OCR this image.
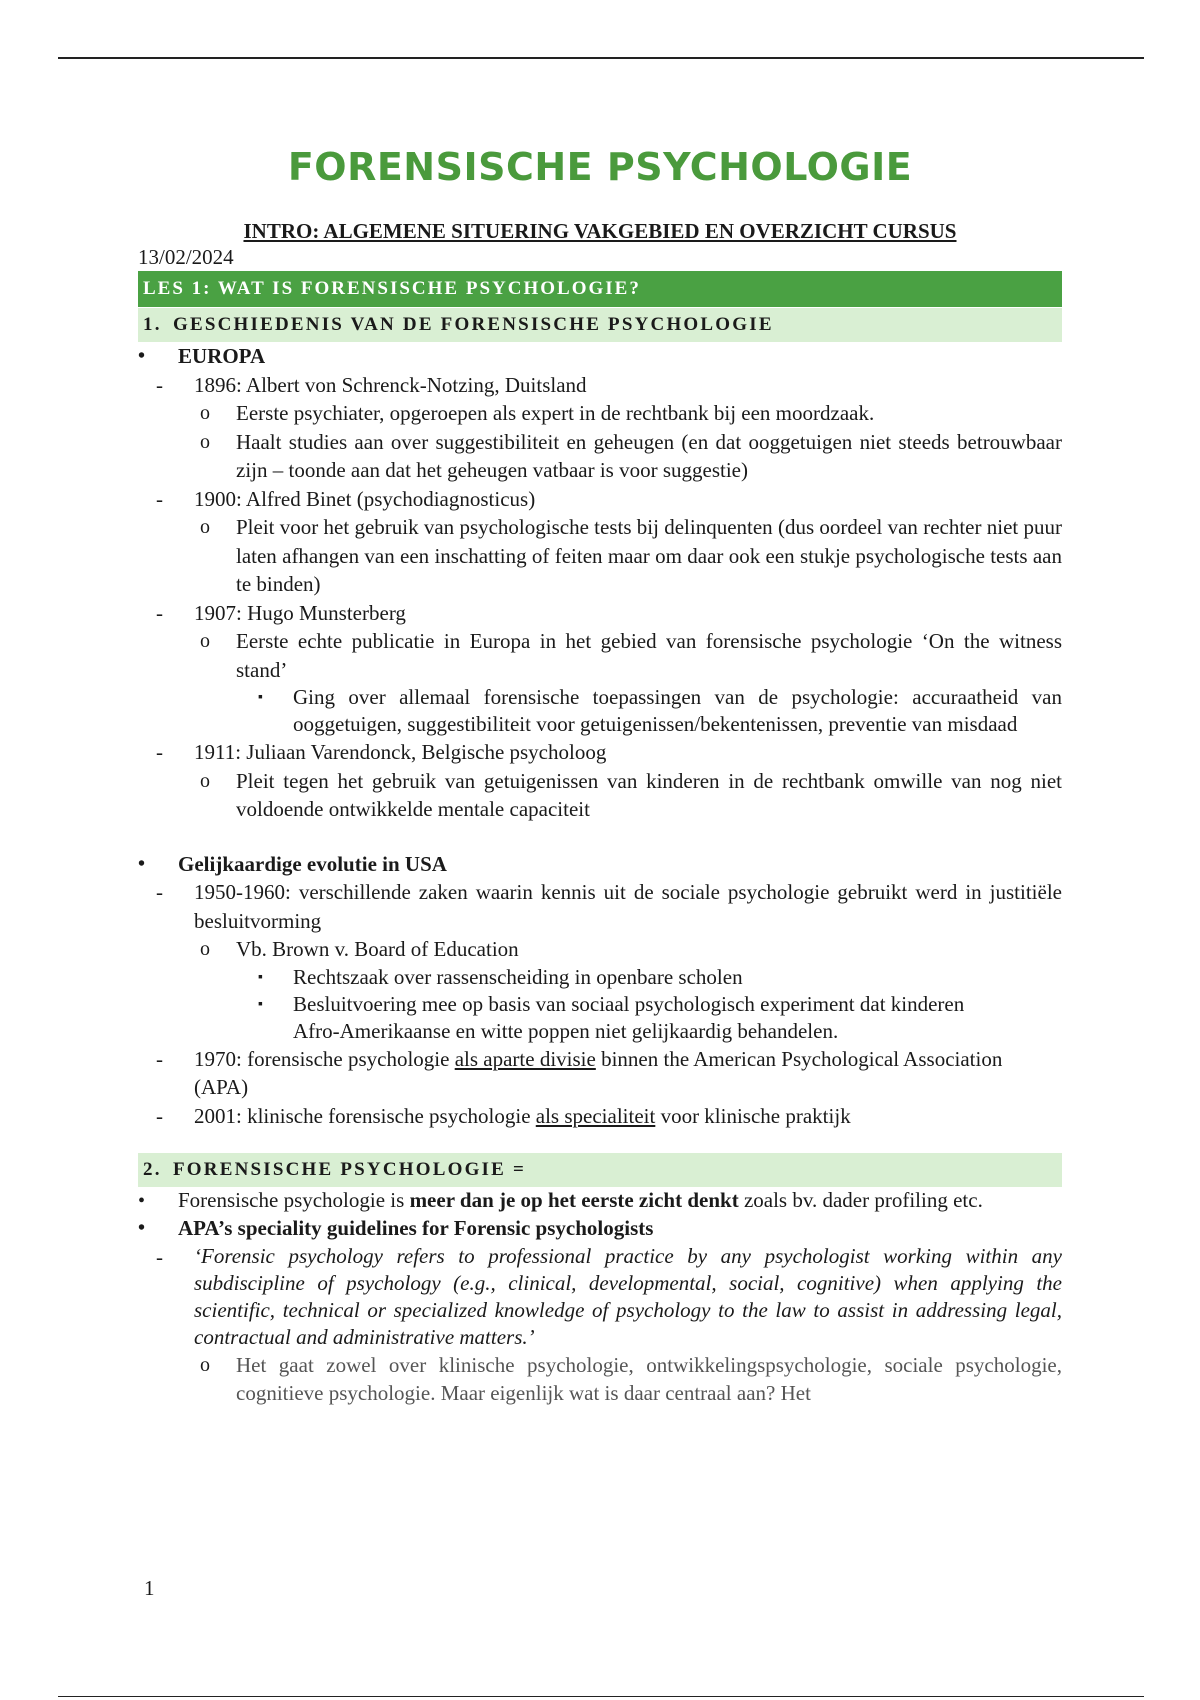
FORENSISCHE PSYCHOLOGIE
INTRO: ALGEMENE SITUERING VAKGEBIED EN OVERZICHT CURSUS
13/02/2024
LES 1: WAT IS FORENSISCHE PSYCHOLOGIE?
1. GESCHIEDENIS VAN DE FORENSISCHE PSYCHOLOGIE
• EUROPA
- 1896: Albert von Schrenck-Notzing, Duitsland
o Eerste psychiater, opgeroepen als expert in de rechtbank bij een moordzaak.
o Haalt studies aan over suggestibiliteit en geheugen (en dat ooggetuigen niet steeds betrouwbaar zijn – toonde aan dat het geheugen vatbaar is voor suggestie)
- 1900: Alfred Binet (psychodiagnosticus)
o Pleit voor het gebruik van psychologische tests bij delinquenten (dus oordeel van rechter niet puur laten afhangen van een inschatting of feiten maar om daar ook een stukje psychologische tests aan te binden)
- 1907: Hugo Munsterberg
o Eerste echte publicatie in Europa in het gebied van forensische psychologie ‘On the witness stand’
▪ Ging over allemaal forensische toepassingen van de psychologie: accuraatheid van ooggetuigen, suggestibiliteit voor getuigenissen/bekentenissen, preventie van misdaad
- 1911: Juliaan Varendonck, Belgische psycholoog
o Pleit tegen het gebruik van getuigenissen van kinderen in de rechtbank omwille van nog niet voldoende ontwikkelde mentale capaciteit
• Gelijkaardige evolutie in USA
- 1950-1960: verschillende zaken waarin kennis uit de sociale psychologie gebruikt werd in justitiële besluitvorming
o Vb. Brown v. Board of Education
▪ Rechtszaak over rassenscheiding in openbare scholen
▪ Besluitvoering mee op basis van sociaal psychologisch experiment dat kinderen Afro-Amerikaanse en witte poppen niet gelijkaardig behandelen.
- 1970: forensische psychologie als aparte divisie binnen the American Psychological Association (APA)
- 2001: klinische forensische psychologie als specialiteit voor klinische praktijk
2. FORENSISCHE PSYCHOLOGIE =
• Forensische psychologie is meer dan je op het eerste zicht denkt zoals bv. dader profiling etc.
• APA’s speciality guidelines for Forensic psychologists
- ‘Forensic psychology refers to professional practice by any psychologist working within any subdiscipline of psychology (e.g., clinical, developmental, social, cognitive) when applying the scientific, technical or specialized knowledge of psychology to the law to assist in addressing legal, contractual and administrative matters.’
o Het gaat zowel over klinische psychologie, ontwikkelingspsychologie, sociale psychologie, cognitieve psychologie. Maar eigenlijk wat is daar centraal aan? Het
1
